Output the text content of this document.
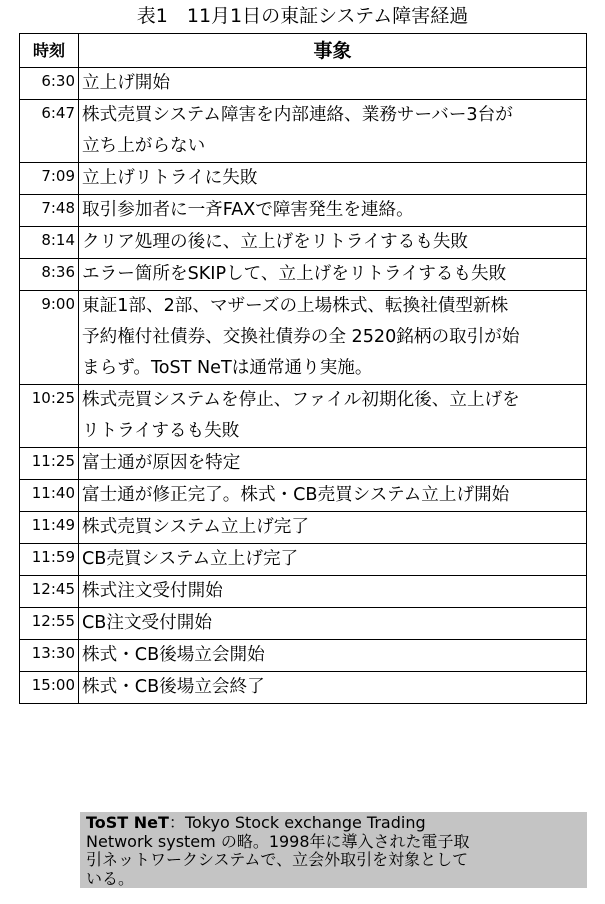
表1　11月1日の東証システム障害経過
時刻	事象
6:30	立上げ開始

6:47	株式売買システム障害を内部連絡、業務サーバー3台が
立ち上がらない

7:09	立上げリトライに失敗

7:48	取引参加者に一斉FAXで障害発生を連絡。

8:14	クリア処理の後に、立上げをリトライするも失敗

8:36	エラー箇所をSKIPして、立上げをリトライするも失敗

9:00	東証1部、2部、マザーズの上場株式、転換社債型新株
予約権付社債券、交換社債券の全 2520銘柄の取引が始
まらず。ToST NeTは通常通り実施。

10:25	株式売買システムを停止、ファイル初期化後、立上げを
リトライするも失敗

11:25	富士通が原因を特定

11:40	富士通が修正完了。株式・CB売買システム立上げ開始

11:49	株式売買システム立上げ完了

11:59	CB売買システム立上げ完了

12:45	株式注文受付開始

12:55	CB注文受付開始

13:30	株式・CB後場立会開始

15:00	株式・CB後場立会終了
ToST NeT：Tokyo Stock exchange Trading
Network system の略。1998年に導入された電子取
引ネットワークシステムで、立会外取引を対象として
いる。
